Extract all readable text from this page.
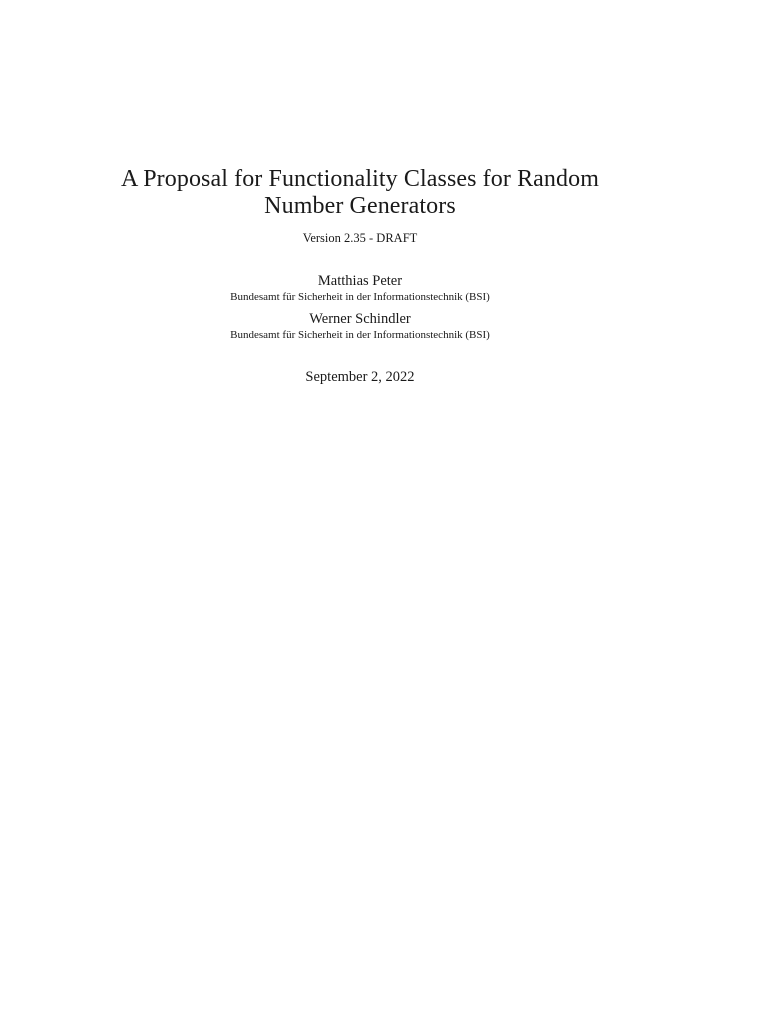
A Proposal for Functionality Classes for Random Number Generators
Version 2.35 - DRAFT
Matthias Peter
Bundesamt für Sicherheit in der Informationstechnik (BSI)
Werner Schindler
Bundesamt für Sicherheit in der Informationstechnik (BSI)
September 2, 2022
